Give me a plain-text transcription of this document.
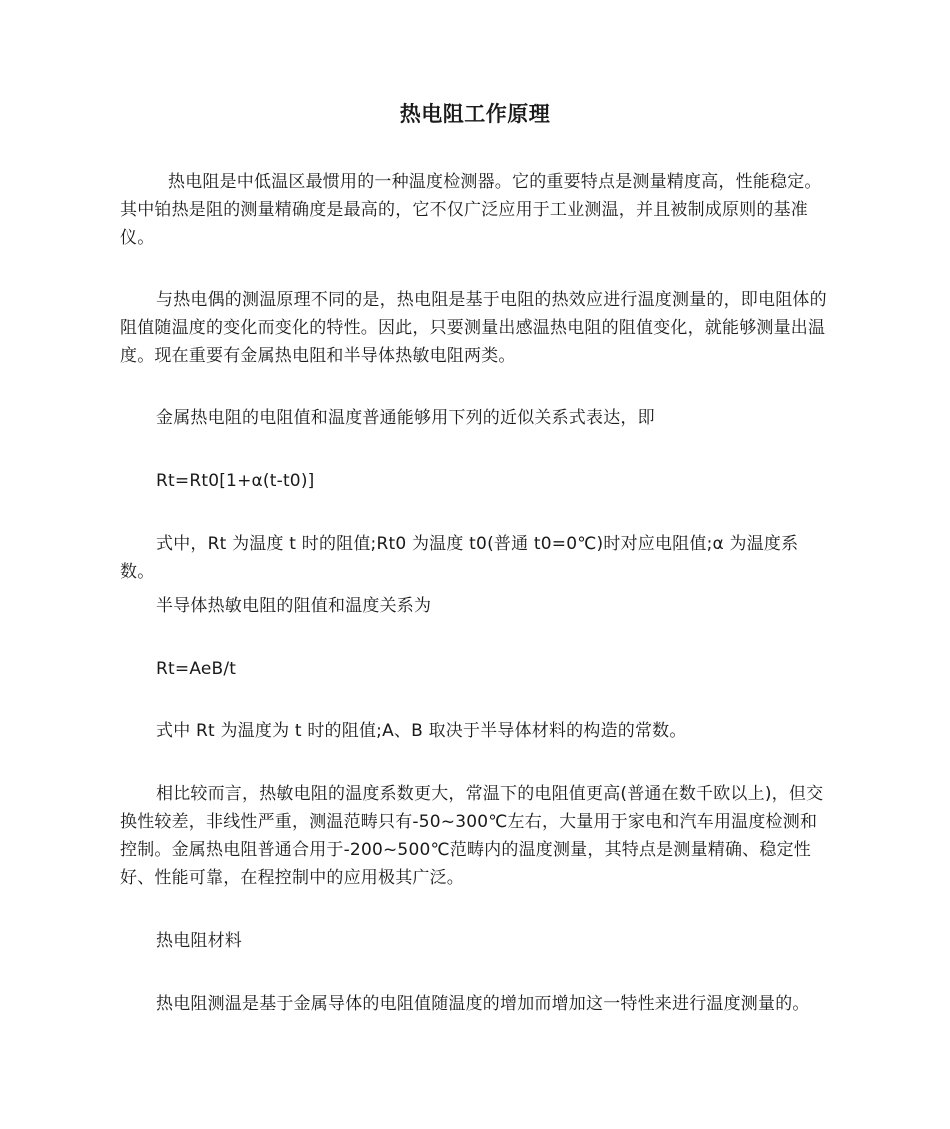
热电阻工作原理

热电阻是中低温区最惯用的一种温度检测器。它的重要特点是测量精度高，性能稳定。其中铂热是阻的测量精确度是最高的，它不仅广泛应用于工业测温，并且被制成原则的基准仪。

与热电偶的测温原理不同的是，热电阻是基于电阻的热效应进行温度测量的，即电阻体的阻值随温度的变化而变化的特性。因此，只要测量出感温热电阻的阻值变化，就能够测量出温度。现在重要有金属热电阻和半导体热敏电阻两类。

金属热电阻的电阻值和温度普通能够用下列的近似关系式表达，即

Rt=Rt0[1+α(t-t0)]

式中，Rt 为温度 t 时的阻值;Rt0 为温度 t0(普通 t0=0℃)时对应电阻值;α 为温度系数。

半导体热敏电阻的阻值和温度关系为

Rt=AeB/t

式中 Rt 为温度为 t 时的阻值;A、B 取决于半导体材料的构造的常数。

相比较而言，热敏电阻的温度系数更大，常温下的电阻值更高(普通在数千欧以上)，但交换性较差，非线性严重，测温范畴只有-50~300℃左右，大量用于家电和汽车用温度检测和控制。金属热电阻普通合用于-200~500℃范畴内的温度测量，其特点是测量精确、稳定性好、性能可靠，在程控制中的应用极其广泛。

热电阻材料

热电阻测温是基于金属导体的电阻值随温度的增加而增加这一特性来进行温度测量的。
